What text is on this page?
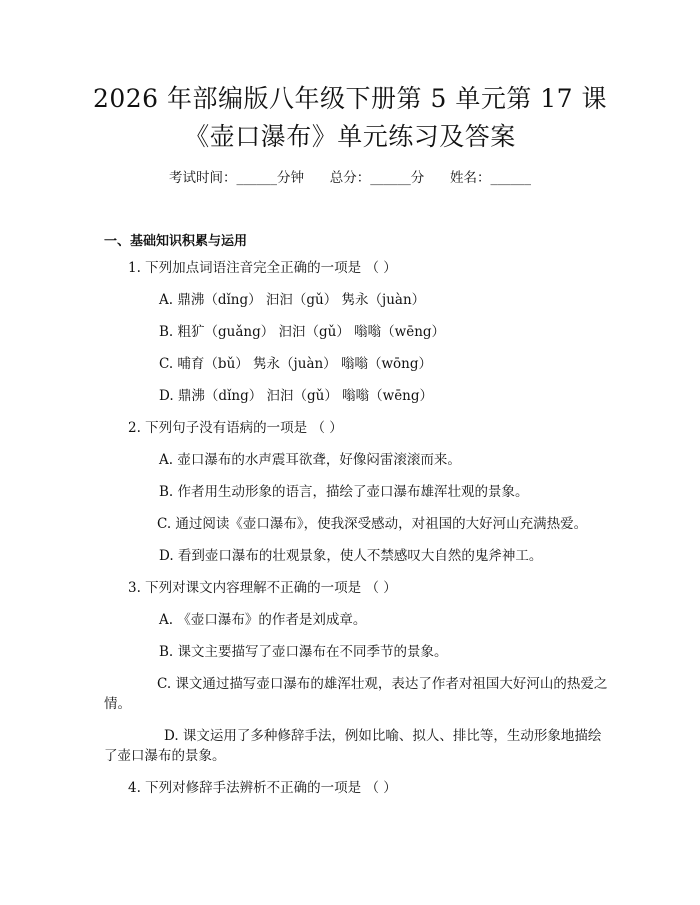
2026 年部编版八年级下册第 5 单元第 17 课
《壶口瀑布》单元练习及答案
考试时间：______分钟      总分：______分      姓名：______
一、基础知识积累与运用
1. 下列加点词语注音完全正确的一项是 （ ）
A. 鼎沸（dǐng） 汩汩（gǔ） 隽永（juàn）
B. 粗犷（guǎng） 汩汩（gǔ） 嗡嗡（wēng）
C. 哺育（bǔ） 隽永（juàn） 嗡嗡（wōng）
D. 鼎沸（dǐng） 汩汩（gǔ） 嗡嗡（wēng）
2. 下列句子没有语病的一项是 （ ）
A. 壶口瀑布的水声震耳欲聋，好像闷雷滚滚而来。
B. 作者用生动形象的语言，描绘了壶口瀑布雄浑壮观的景象。
C. 通过阅读《壶口瀑布》，使我深受感动，对祖国的大好河山充满热爱。
D. 看到壶口瀑布的壮观景象，使人不禁感叹大自然的鬼斧神工。
3. 下列对课文内容理解不正确的一项是 （ ）
A. 《壶口瀑布》的作者是刘成章。
B. 课文主要描写了壶口瀑布在不同季节的景象。
C. 课文通过描写壶口瀑布的雄浑壮观，表达了作者对祖国大好河山的热爱之情。
D. 课文运用了多种修辞手法，例如比喻、拟人、排比等，生动形象地描绘了壶口瀑布的景象。
4. 下列对修辞手法辨析不正确的一项是 （ ）
